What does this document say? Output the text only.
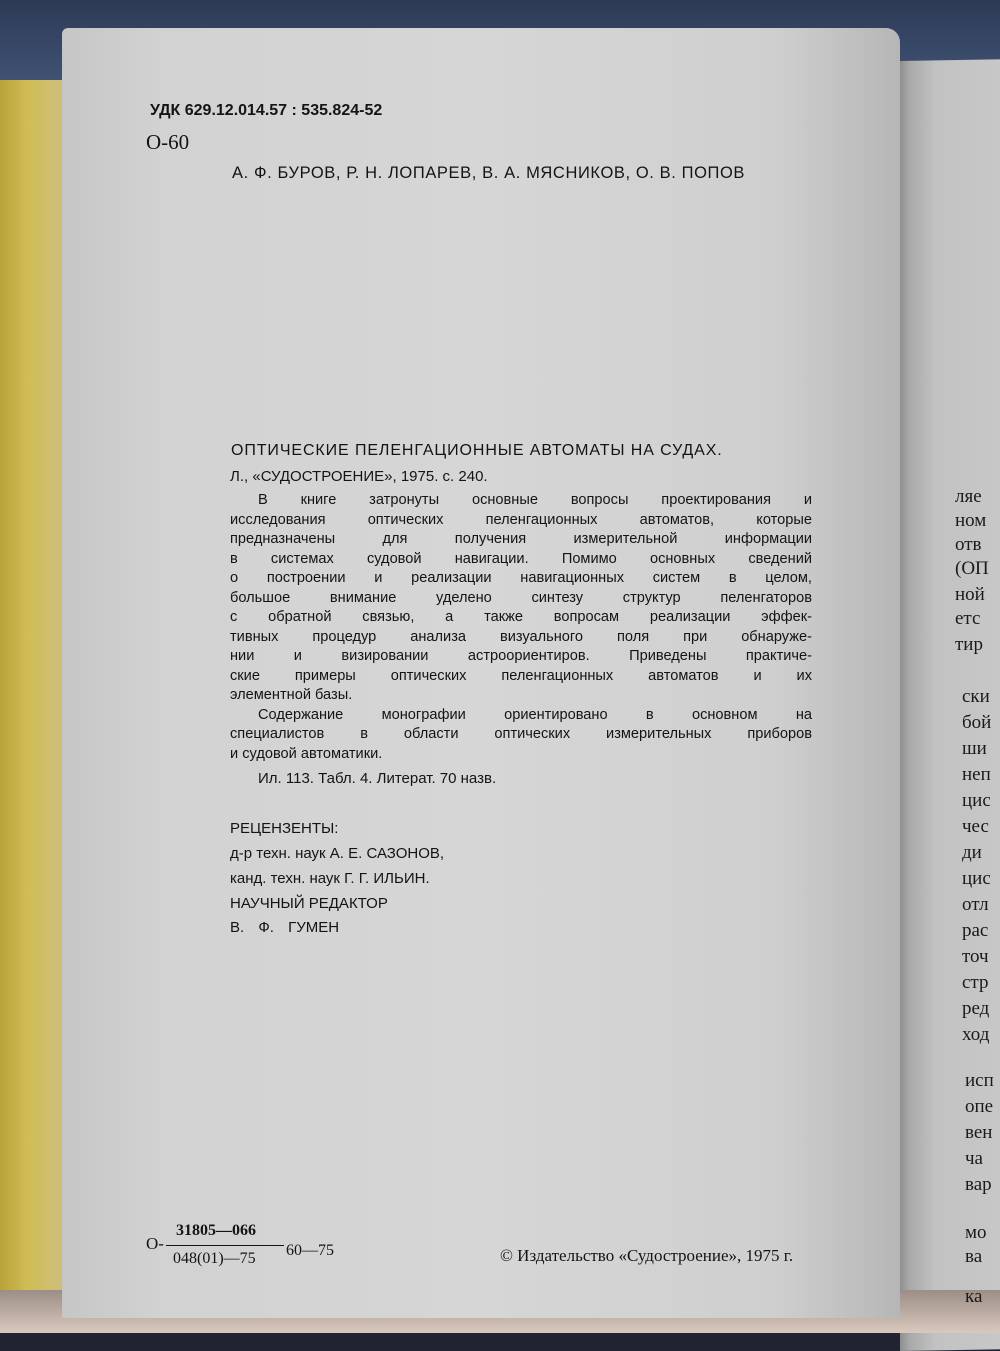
УДК 629.12.014.57 : 535.824-52
О-60
А. Ф. БУРОВ, Р. Н. ЛОПАРЕВ, В. А. МЯСНИКОВ, О. В. ПОПОВ
ОПТИЧЕСКИЕ ПЕЛЕНГАЦИОННЫЕ АВТОМАТЫ НА СУДАХ.
Л., «СУДОСТРОЕНИЕ», 1975. с. 240.
В книге затронуты основные вопросы проектирования и
исследования оптических пеленгационных автоматов, которые
предназначены для получения измерительной информации
в системах судовой навигации. Помимо основных сведений
о построении и реализации навигационных систем в целом,
большое внимание уделено синтезу структур пеленгаторов
с обратной связью, а также вопросам реализации эффек-
тивных процедур анализа визуального поля при обнаруже-
нии и визировании астроориентиров. Приведены практиче-
ские примеры оптических пеленгационных автоматов и их
элементной базы.
Содержание монографии ориентировано в основном на
специалистов в области оптических измерительных приборов
и судовой автоматики.
Ил. 113. Табл. 4. Литерат. 70 назв.
РЕЦЕНЗЕНТЫ:
д-р техн. наук А. Е. САЗОНОВ,
канд. техн. наук Г. Г. ИЛЬИН.
НАУЧНЫЙ РЕДАКТОР
В. Ф. ГУМЕН
О-
31805—066
048(01)—75 60—75	© Издательство «Судостроение», 1975 г.
ляе
ном
отв
(ОП
ной
етс
тир
ски
бой
ши
неп
цис
чес
ди
цис
отл
рас
точ
стр
ред
ход
исп
опе
вен
ча
вар
мо
ва
ка
